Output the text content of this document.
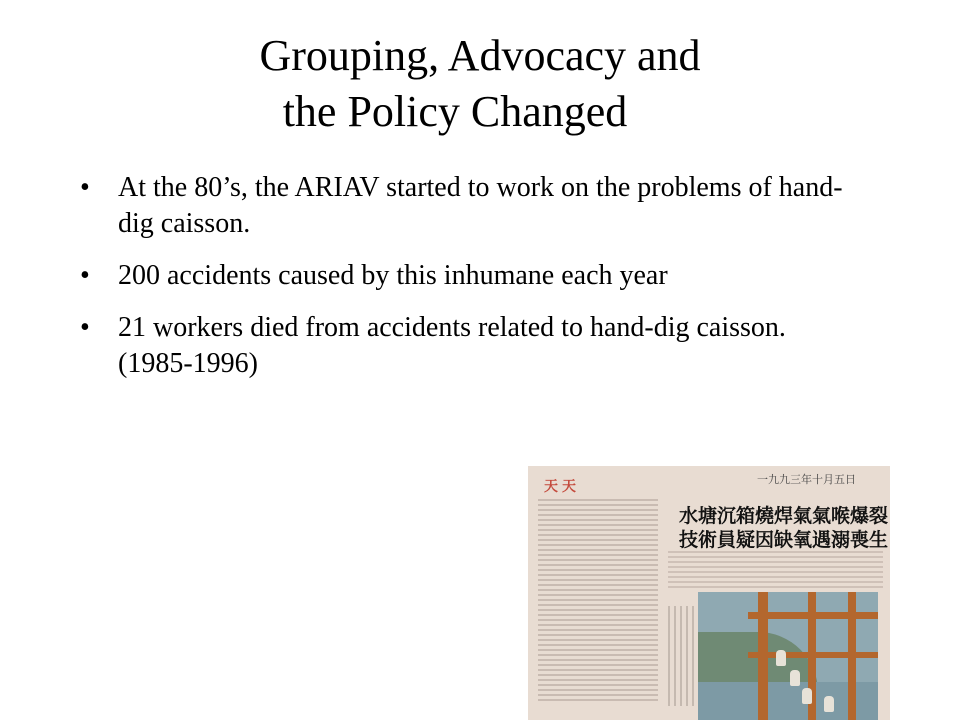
Grouping, Advocacy and

the Policy Changed
• At the 80’s, the ARIAV started to work on the problems of hand-dig caisson.
• 200 accidents caused by this inhumane each year
• 21 workers died from accidents related to hand-dig caisson.(1985-1996)
一九九三年十月五日
天天
水塘沉箱燒焊氣氣喉爆裂
技術員疑因缺氧遇溺喪生
